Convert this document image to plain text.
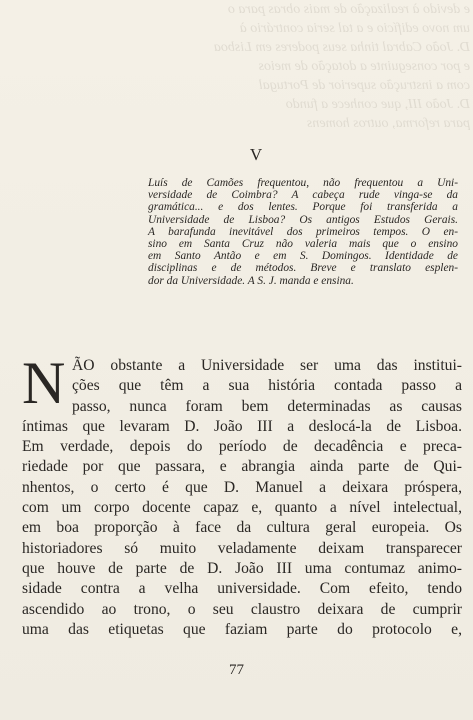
e devido à realização de mais obras para o
um novo edifício e a tal seria contrário à
D. João Cabral tinha seus poderes em Lisboa
e por conseguinte a dotação de meios
com a instrução superior de Portugal
D. João III, que conhece a fundo
para reforma, outros homens
V
Luís de Camões frequentou, não frequentou a Uni-
versidade de Coimbra? A cabeça rude vinga-se da
gramática... e dos lentes. Porque foi transferida a
Universidade de Lisboa? Os antigos Estudos Gerais.
A barafunda inevitável dos primeiros tempos. O en-
sino em Santa Cruz não valeria mais que o ensino
em Santo Antão e em S. Domingos. Identidade de
disciplinas e de métodos. Breve e translato esplen-
dor da Universidade. A S. J. manda e ensina.
N ÃO obstante a Universidade ser uma das institui-
ções que têm a sua história contada passo a
passo, nunca foram bem determinadas as causas
íntimas que levaram D. João III a deslocá-la de Lisboa.
Em verdade, depois do período de decadência e preca-
riedade por que passara, e abrangia ainda parte de Qui-
nhentos, o certo é que D. Manuel a deixara próspera,
com um corpo docente capaz e, quanto a nível intelectual,
em boa proporção à face da cultura geral europeia. Os
historiadores só muito veladamente deixam transparecer
que houve de parte de D. João III uma contumaz animo-
sidade contra a velha universidade. Com efeito, tendo
ascendido ao trono, o seu claustro deixara de cumprir
uma das etiquetas que faziam parte do protocolo e,
77
